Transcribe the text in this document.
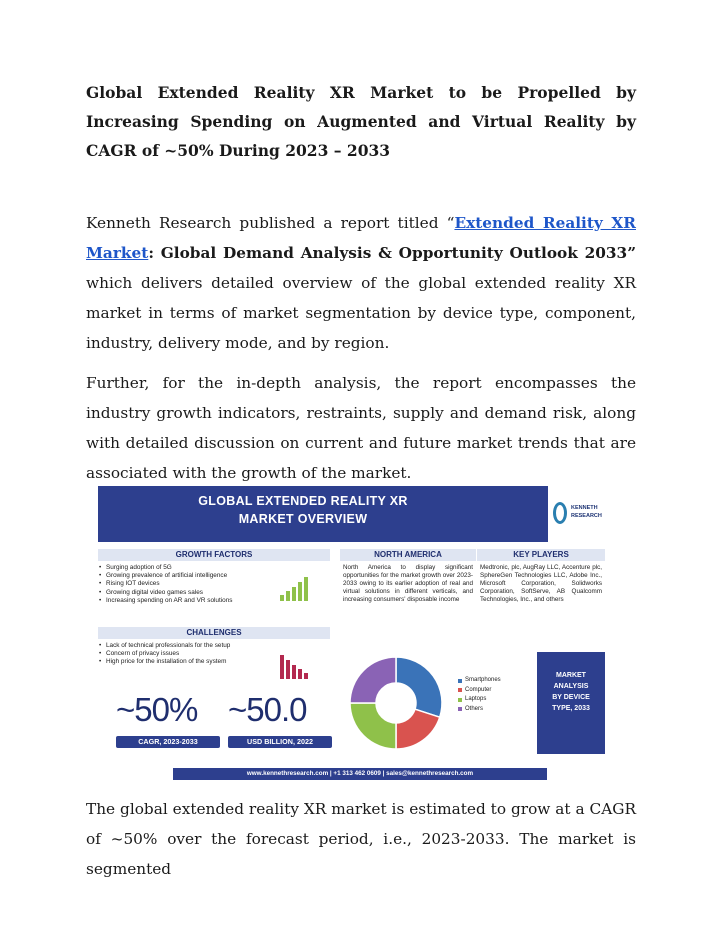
Global Extended Reality XR Market to be Propelled by Increasing Spending on Augmented and Virtual Reality by CAGR of ~50% During 2023 – 2033
Kenneth Research published a report titled “Extended Reality XR Market: Global Demand Analysis & Opportunity Outlook 2033” which delivers detailed overview of the global extended reality XR market in terms of market segmentation by device type, component, industry, delivery mode, and by region.
Further, for the in-depth analysis, the report encompasses the industry growth indicators, restraints, supply and demand risk, along with detailed discussion on current and future market trends that are associated with the growth of the market.
The global extended reality XR market is estimated to grow at a CAGR of ~50% over the forecast period, i.e., 2023-2033. The market is segmented
GLOBAL EXTENDED REALITY XR
MARKET OVERVIEW
KENNETH
RESEARCH
GROWTH FACTORS
• Surging adoption of 5G
• Growing prevalence of artificial intelligence
• Rising IOT devices
• Growing digital video games sales
• Increasing spending on AR and VR solutions
CHALLENGES
• Lack of technical professionals for the setup
• Concern of privacy issues
• High price for the installation of the system
NORTH AMERICA
North America to display significant opportunities for the market growth over 2023-2033 owing to its earlier adoption of real and virtual solutions in different verticals, and increasing consumers' disposable income
KEY PLAYERS
Medtronic, plc, AugRay LLC, Accenture plc, SphereGen Technologies LLC, Adobe Inc., Microsoft Corporation, Solidworks Corporation, SoftServe, AB Qualcomm Technologies, Inc., and others
Smartphones
Computer
Laptops
Others
MARKET
ANALYSIS
BY DEVICE
TYPE, 2033
~50% ~50.0
CAGR, 2023-2033	USD BILLION, 2022
www.kennethresearch.com | +1 313 462 0609 | sales@kennethresearch.com
